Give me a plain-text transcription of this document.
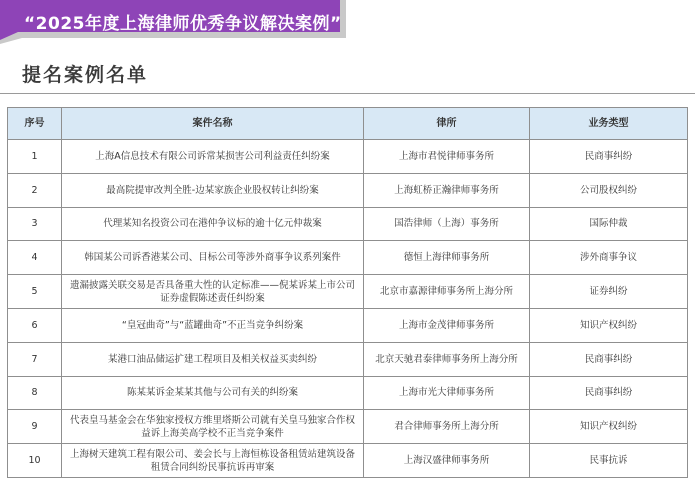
“2025年度上海律师优秀争议解决案例”
提名案例名单
序号	案件名称	律所	业务类型
1	上海A信息技术有限公司诉常某损害公司利益责任纠纷案	上海市君悦律师事务所	民商事纠纷
2	最高院提审改判全胜-边某家族企业股权转让纠纷案	上海虹桥正瀚律师事务所	公司股权纠纷
3	代理某知名投资公司在港仲争议标的逾十亿元仲裁案	国浩律师（上海）事务所	国际仲裁
4	韩国某公司诉香港某公司、目标公司等涉外商事争议系列案件	德恒上海律师事务所	涉外商事争议
5	遗漏披露关联交易是否具备重大性的认定标准——倪某诉某上市公司证券虚假陈述责任纠纷案	北京市嘉源律师事务所上海分所	证券纠纷
6	“皇冠曲奇”与“蓝罐曲奇”不正当竞争纠纷案	上海市金茂律师事务所	知识产权纠纷
7	某港口油品储运扩建工程项目及相关权益买卖纠纷	北京天驰君泰律师事务所上海分所	民商事纠纷
8	陈某某诉金某某其他与公司有关的纠纷案	上海市光大律师事务所	民商事纠纷
9	代表皇马基金会在华独家授权方维里塔斯公司就有关皇马独家合作权益诉上海美高学校不正当竞争案件	君合律师事务所上海分所	知识产权纠纷
10	上海树天建筑工程有限公司、姜会长与上海恒栋设备租赁站建筑设备租赁合同纠纷民事抗诉再审案	上海汉盛律师事务所	民事抗诉
